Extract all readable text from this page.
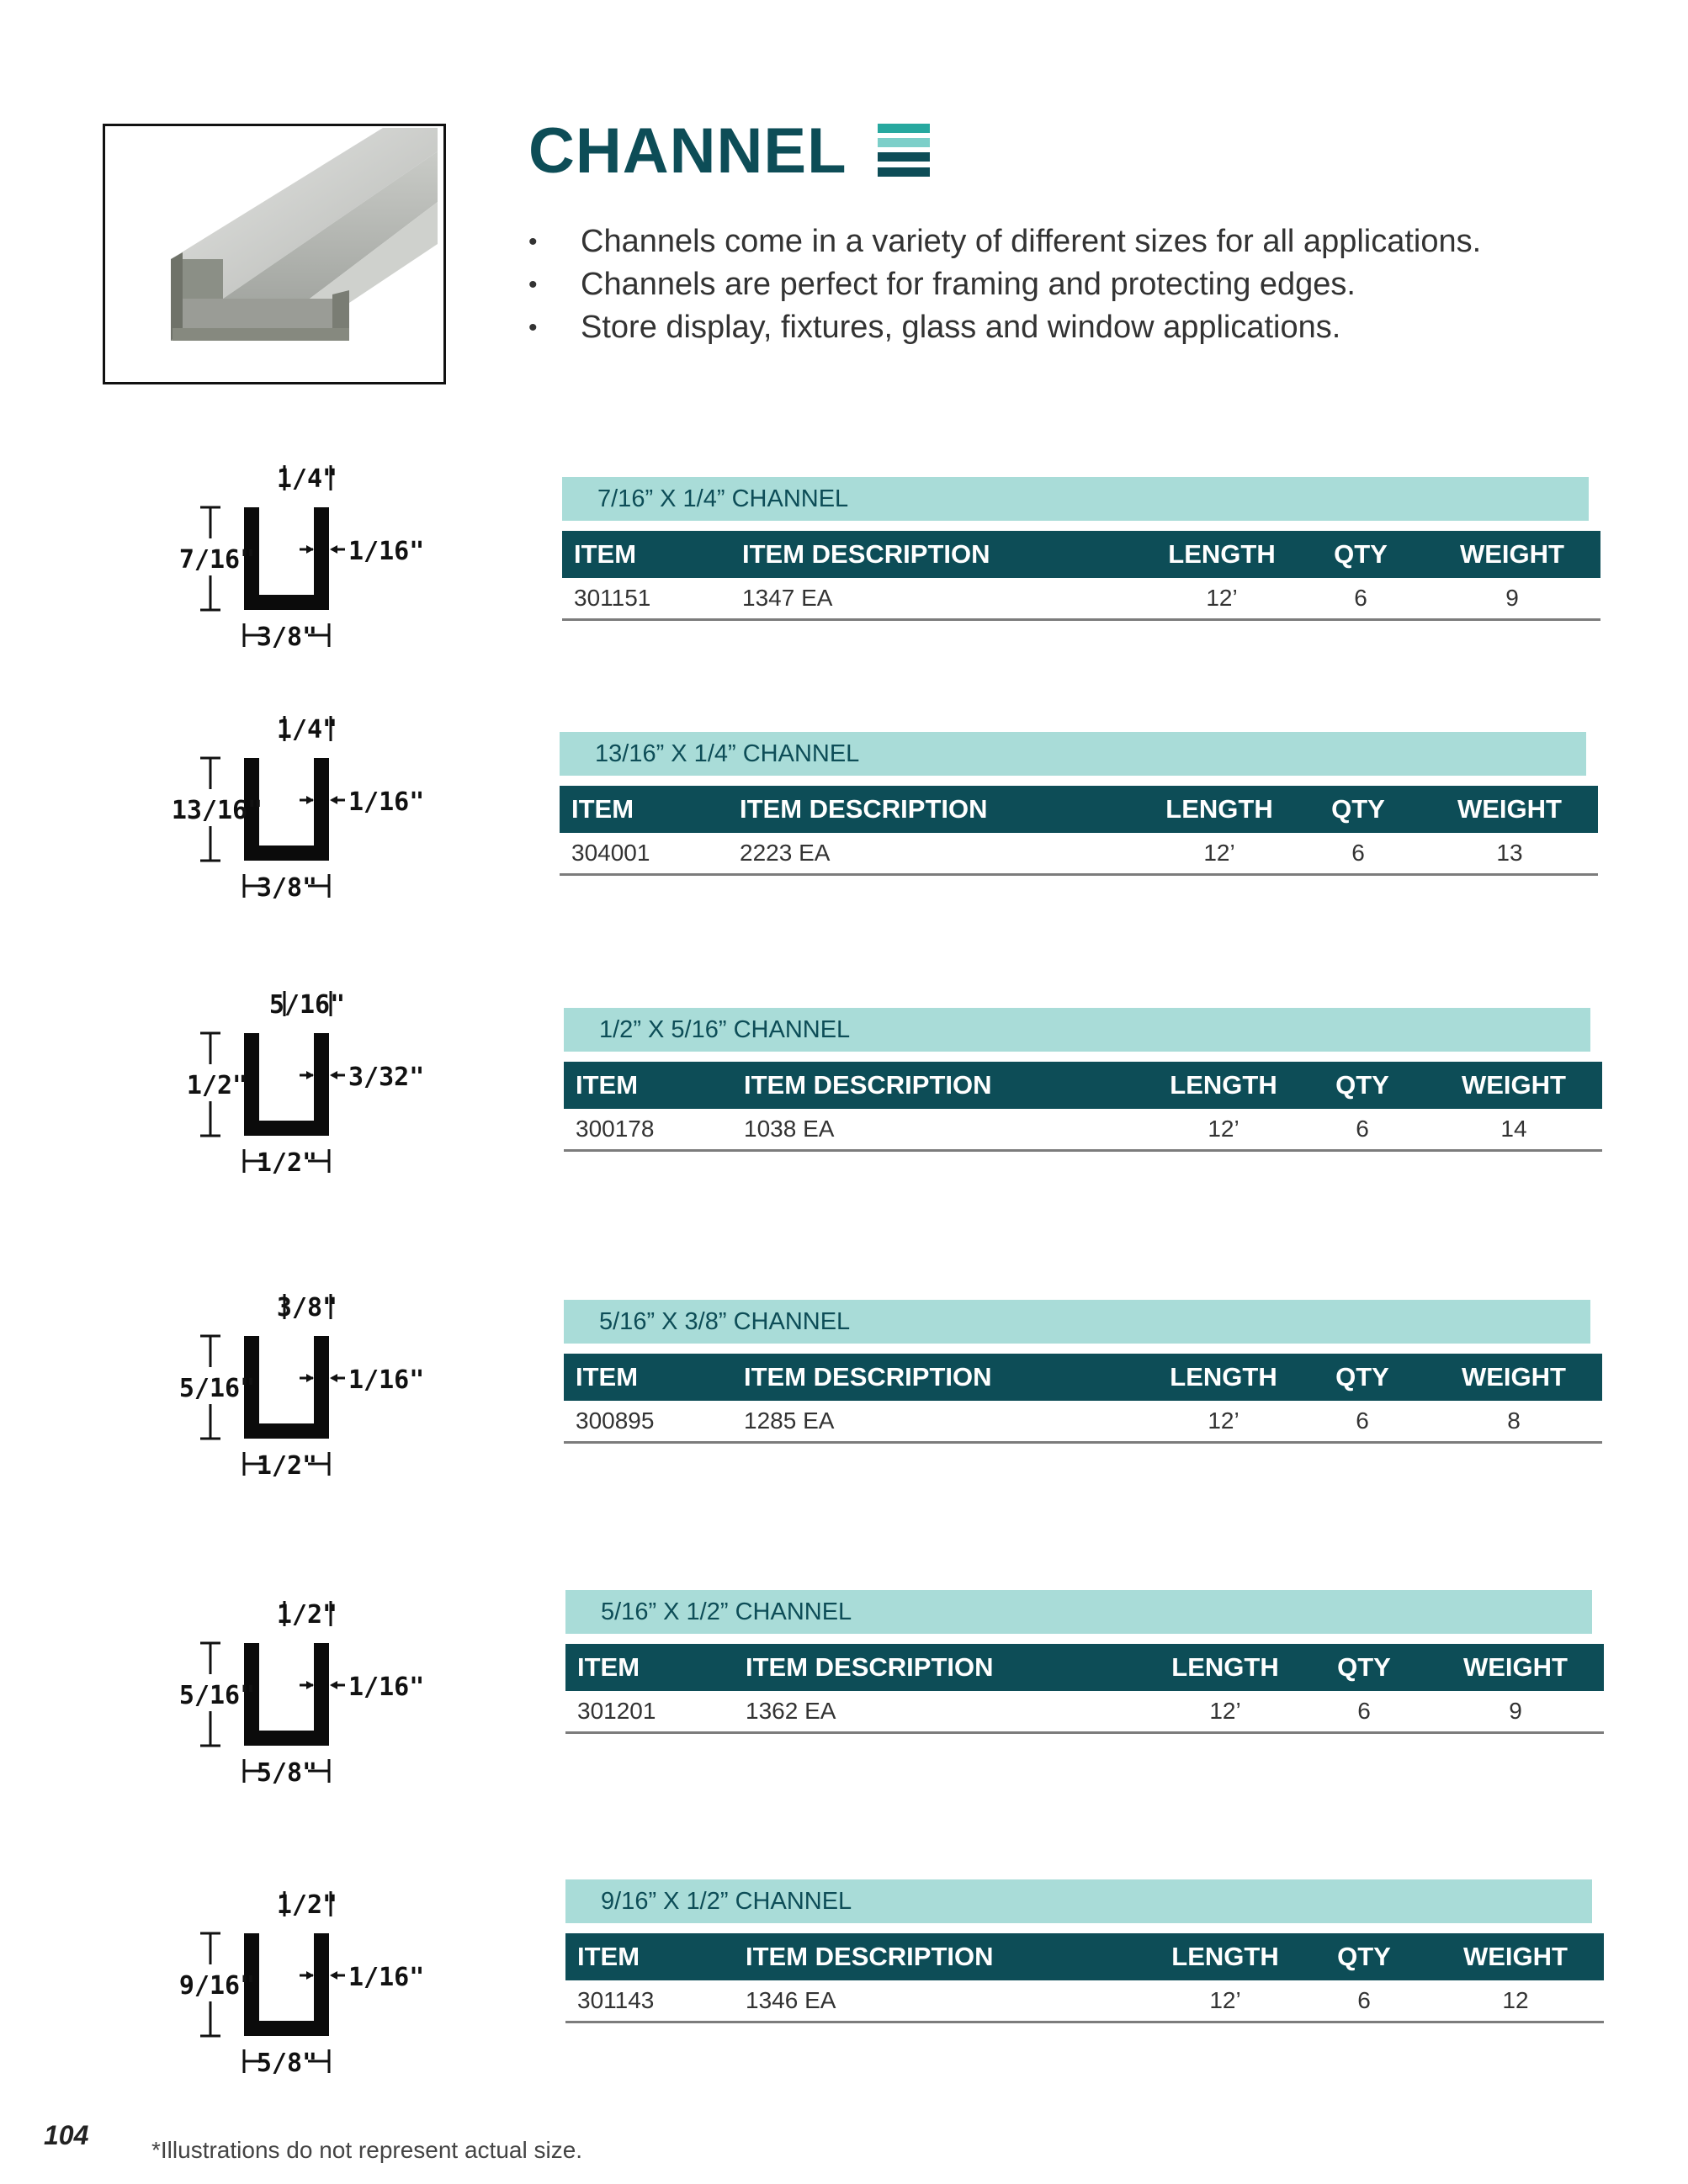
CHANNEL
• Channels come in a variety of different sizes for all applications.
• Channels are perfect for framing and protecting edges.
• Store display, fixtures, glass and window applications.
1/4"
7/16"	1/16"
3/8"
7/16” X 1/4” CHANNEL
ITEM	ITEM DESCRIPTION	LENGTH	QTY	WEIGHT
301151	1347 EA	12’	6	9
1/4"
13/16"	1/16"
3/8"
13/16” X 1/4” CHANNEL
ITEM	ITEM DESCRIPTION	LENGTH	QTY	WEIGHT
304001	2223 EA	12’	6	13
5/16"
1/2"	3/32"
1/2"
1/2” X 5/16” CHANNEL
ITEM	ITEM DESCRIPTION	LENGTH	QTY	WEIGHT
300178	1038 EA	12’	6	14
3/8"
5/16"	1/16"
1/2"
5/16” X 3/8” CHANNEL
ITEM	ITEM DESCRIPTION	LENGTH	QTY	WEIGHT
300895	1285 EA	12’	6	8
1/2"
5/16"	1/16"
5/8"
5/16” X 1/2” CHANNEL
ITEM	ITEM DESCRIPTION	LENGTH	QTY	WEIGHT
301201	1362 EA	12’	6	9
1/2"
9/16"	1/16"
5/8"
9/16” X 1/2” CHANNEL
ITEM	ITEM DESCRIPTION	LENGTH	QTY	WEIGHT
301143	1346 EA	12’	6	12
104	*Illustrations do not represent actual size.
